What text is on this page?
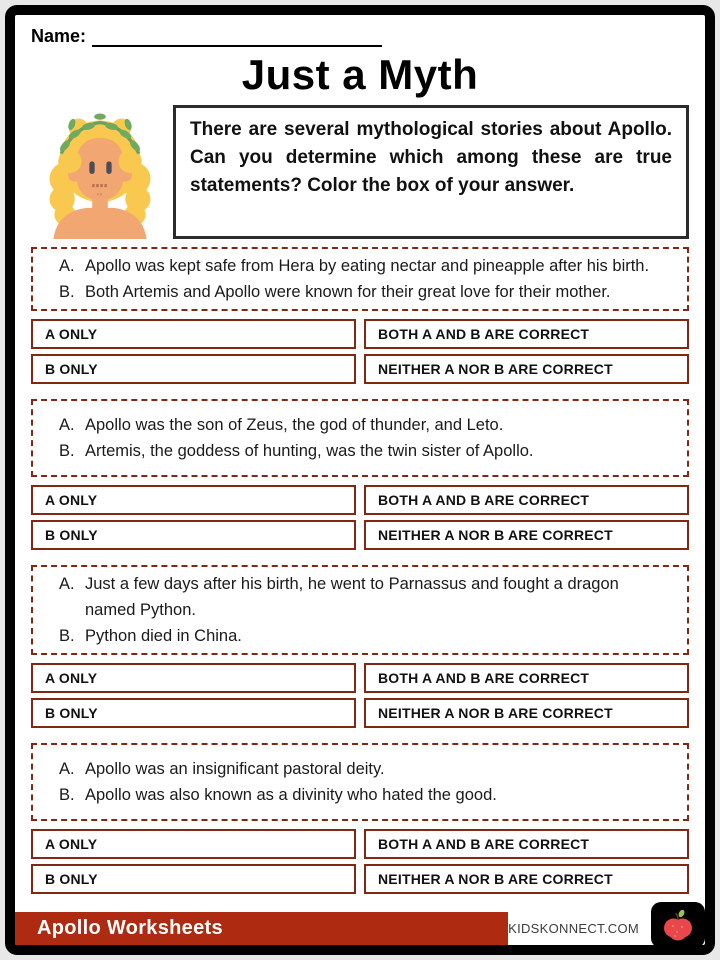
Name:
Just a Myth
There are several mythological stories about Apollo. Can you determine which among these are true statements? Color the box of your answer.
A. Apollo was kept safe from Hera by eating nectar and pineapple after his birth.
B. Both Artemis and Apollo were known for their great love for their mother.
A ONLY	BOTH A AND B ARE CORRECT
B ONLY	NEITHER A NOR B ARE CORRECT
A. Apollo was the son of Zeus, the god of thunder, and Leto.
B. Artemis, the goddess of hunting, was the twin sister of Apollo.
A ONLY	BOTH A AND B ARE CORRECT
B ONLY	NEITHER A NOR B ARE CORRECT
A. Just a few days after his birth, he went to Parnassus and fought a dragon named Python.
B. Python died in China.
A ONLY	BOTH A AND B ARE CORRECT
B ONLY	NEITHER A NOR B ARE CORRECT
A. Apollo was an insignificant pastoral deity.
B. Apollo was also known as a divinity who hated the good.
A ONLY	BOTH A AND B ARE CORRECT
B ONLY	NEITHER A NOR B ARE CORRECT
Apollo Worksheets	KIDSKONNECT.COM
